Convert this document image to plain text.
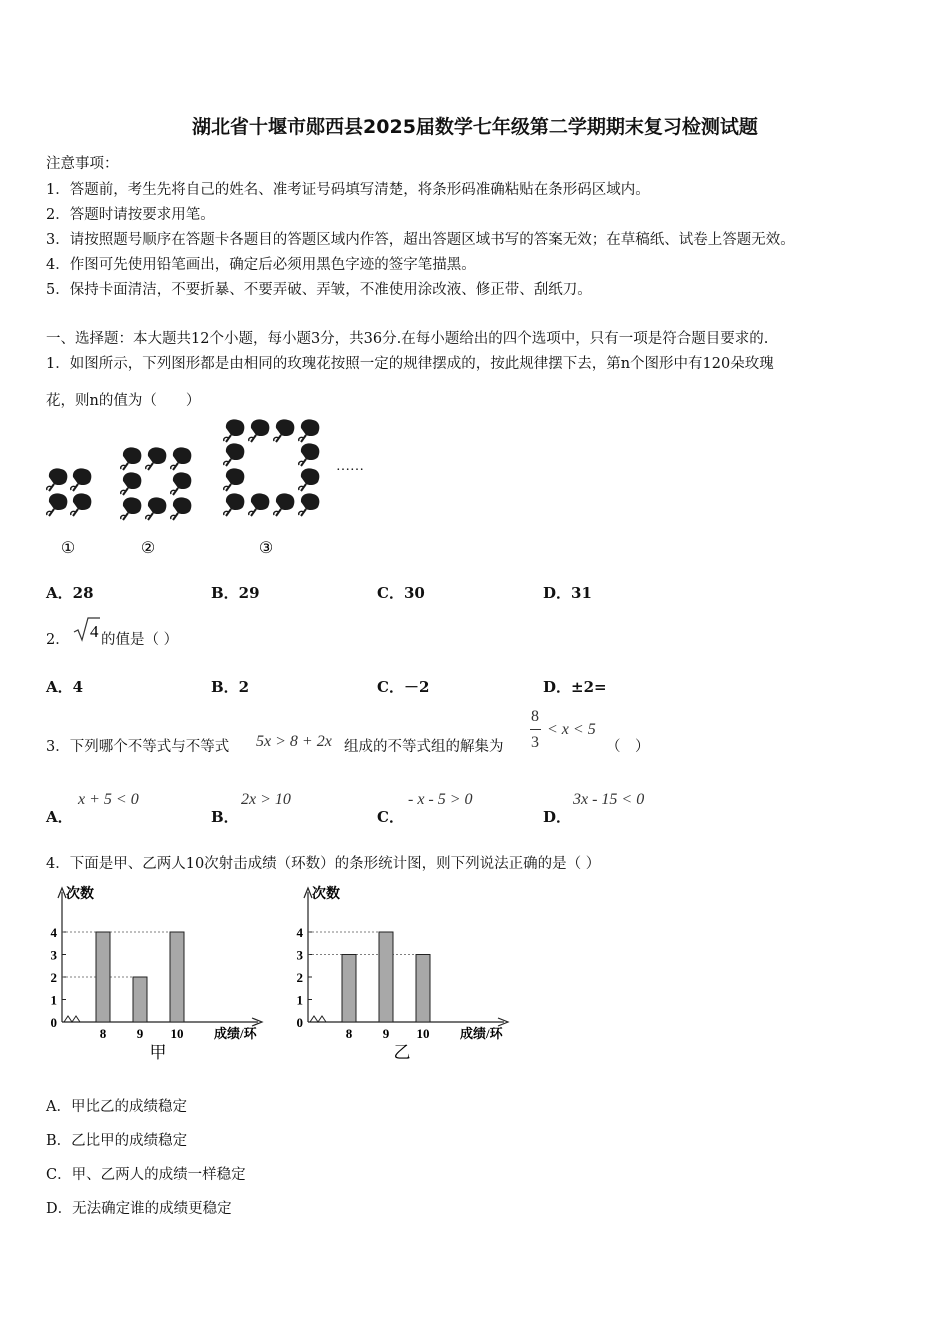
湖北省十堰市郧西县2025届数学七年级第二学期期末复习检测试题
注意事项：
1．答题前，考生先将自己的姓名、准考证号码填写清楚，将条形码准确粘贴在条形码区域内。
2．答题时请按要求用笔。
3．请按照题号顺序在答题卡各题目的答题区域内作答，超出答题区域书写的答案无效；在草稿纸、试卷上答题无效。
4．作图可先使用铅笔画出，确定后必须用黑色字迹的签字笔描黑。
5．保持卡面清洁，不要折暴、不要弄破、弄皱，不准使用涂改液、修正带、刮纸刀。
一、选择题：本大题共12个小题，每小题3分，共36分.在每小题给出的四个选项中，只有一项是符合题目要求的.
1．如图所示，下列图形都是由相同的玫瑰花按照一定的规律摆成的，按此规律摆下去，第n个图形中有120朵玫瑰
花，则n的值为（　　）
①	②	③
……
A．28	B．29	C．30	D．31
2． 4 的值是（ ）
A．4	B．2	C．－2	D．±2=
3．下列哪个不等式与不等式 5x > 8 + 2x 组成的不等式组的解集为
8
3
< x < 5
（　）
A．
x + 5 < 0
B．
2x > 10
C．
- x - 5 > 0
D．
3x - 15 < 0
4．下面是甲、乙两人10次射击成绩（环数）的条形统计图，则下列说法正确的是（ ）
次数
0
1
2
3
4
8 9 10 成绩/环
甲
次数
0
1
2
3
4
8 9 10 成绩/环
乙
A．甲比乙的成绩稳定
B．乙比甲的成绩稳定
C．甲、乙两人的成绩一样稳定
D．无法确定谁的成绩更稳定
